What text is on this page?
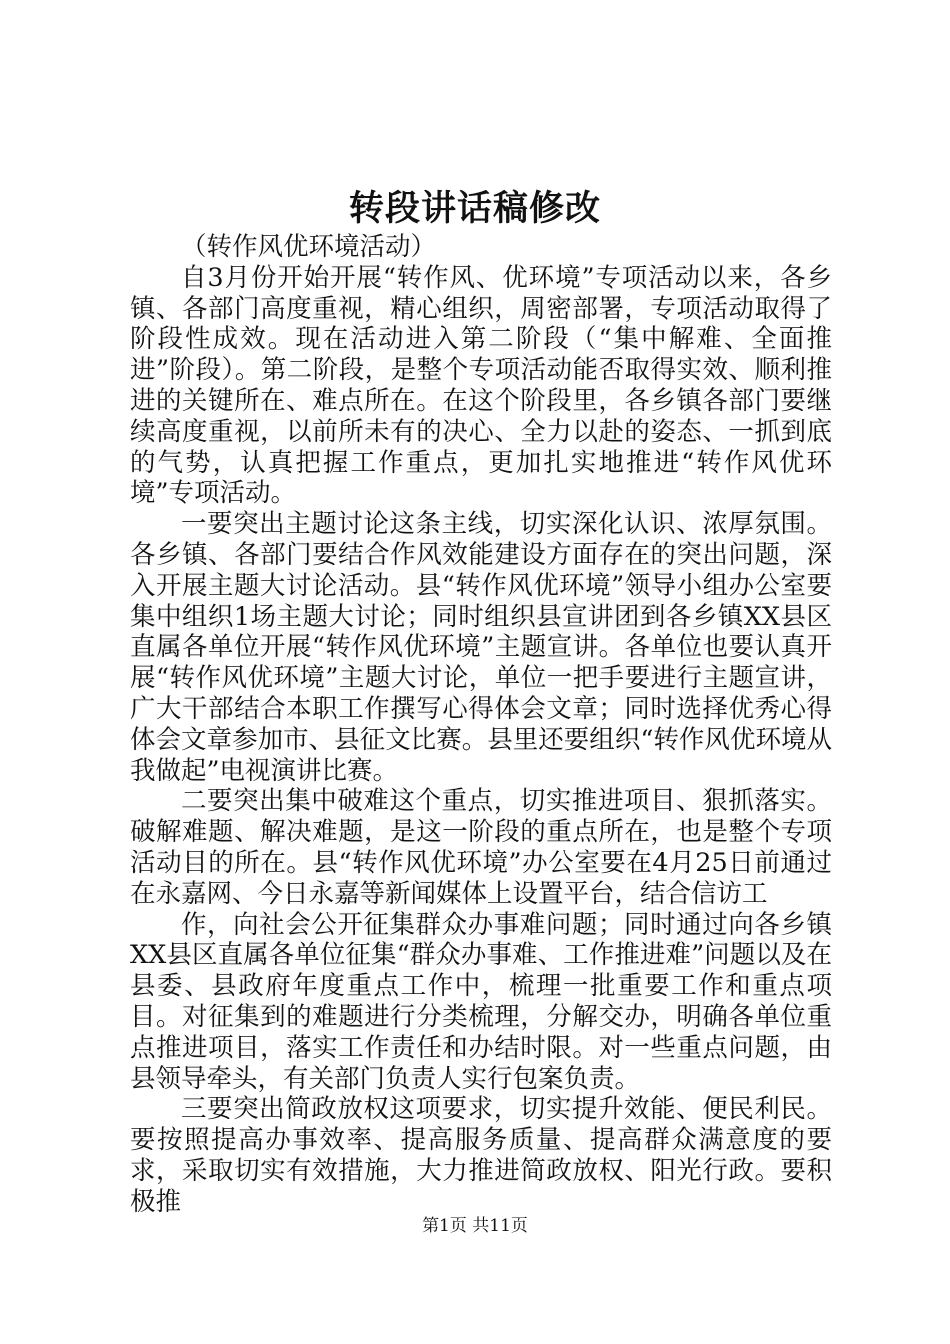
转段讲话稿修改

（转作风优环境活动）

自3月份开始开展“转作风、优环境”专项活动以来，各乡镇、各部门高度重视，精心组织，周密部署，专项活动取得了阶段性成效。现在活动进入第二阶段（“集中解难、全面推进”阶段）。第二阶段，是整个专项活动能否取得实效、顺利推进的关键所在、难点所在。在这个阶段里，各乡镇各部门要继续高度重视，以前所未有的决心、全力以赴的姿态、一抓到底的气势，认真把握工作重点，更加扎实地推进“转作风优环境”专项活动。

一要突出主题讨论这条主线，切实深化认识、浓厚氛围。各乡镇、各部门要结合作风效能建设方面存在的突出问题，深入开展主题大讨论活动。县“转作风优环境”领导小组办公室要集中组织1场主题大讨论；同时组织县宣讲团到各乡镇XX县区直属各单位开展“转作风优环境”主题宣讲。各单位也要认真开展“转作风优环境”主题大讨论，单位一把手要进行主题宣讲，广大干部结合本职工作撰写心得体会文章；同时选择优秀心得体会文章参加市、县征文比赛。县里还要组织“转作风优环境从我做起”电视演讲比赛。

二要突出集中破难这个重点，切实推进项目、狠抓落实。破解难题、解决难题，是这一阶段的重点所在，也是整个专项活动目的所在。县“转作风优环境”办公室要在4月25日前通过在永嘉网、今日永嘉等新闻媒体上设置平台，结合信访工

作，向社会公开征集群众办事难问题；同时通过向各乡镇XX县区直属各单位征集“群众办事难、工作推进难”问题以及在县委、县政府年度重点工作中，梳理一批重要工作和重点项目。对征集到的难题进行分类梳理，分解交办，明确各单位重点推进项目，落实工作责任和办结时限。对一些重点问题，由县领导牵头，有关部门负责人实行包案负责。

三要突出简政放权这项要求，切实提升效能、便民利民。要按照提高办事效率、提高服务质量、提高群众满意度的要求，采取切实有效措施，大力推进简政放权、阳光行政。要积极推

第1页 共11页
